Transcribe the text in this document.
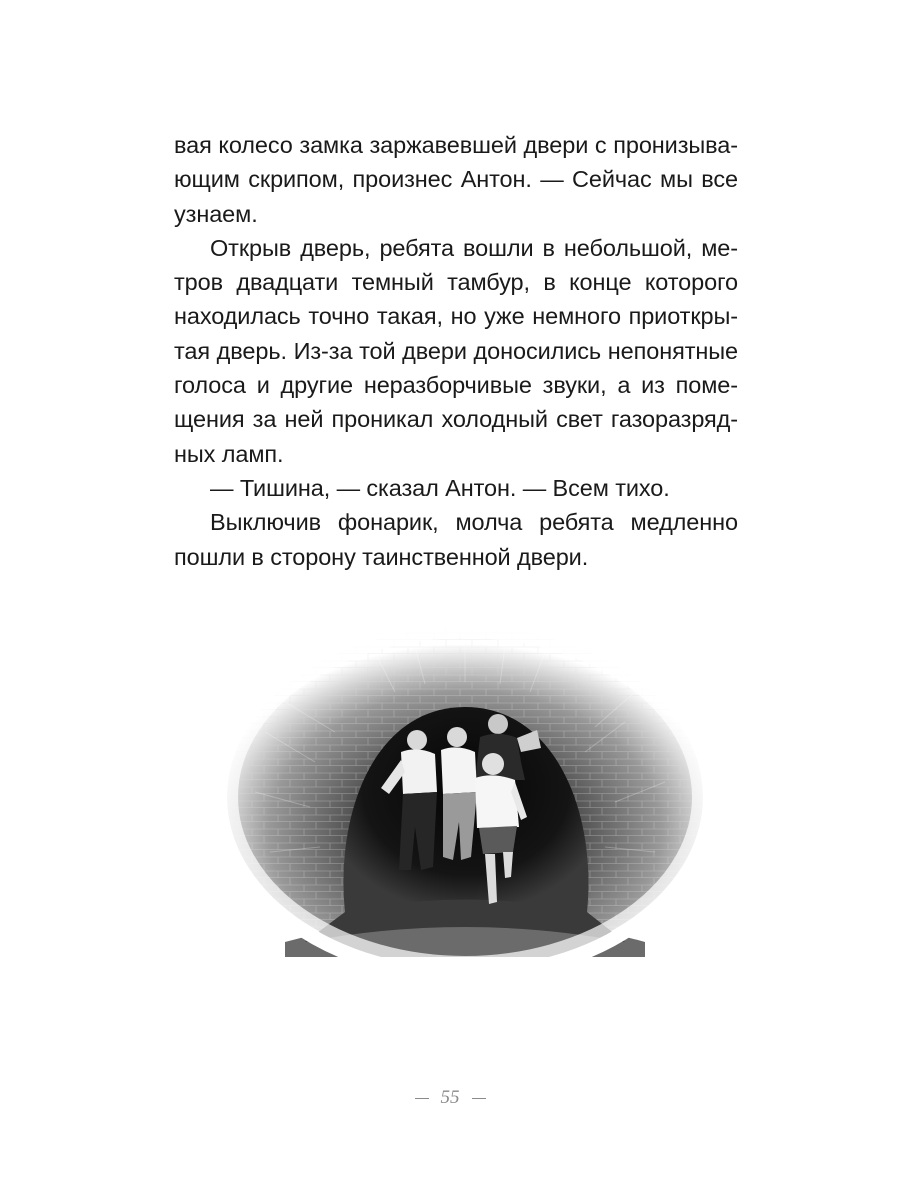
вая колесо замка заржавевшей двери с пронизыва-
ющим скрипом, произнес Антон. — Сейчас мы все
узнаем.
Открыв дверь, ребята вошли в небольшой, ме-
тров двадцати темный тамбур, в конце которого
находилась точно такая, но уже немного приоткры-
тая дверь. Из-за той двери доносились непонятные
голоса и другие неразборчивые звуки, а из поме-
щения за ней проникал холодный свет газоразряд-
ных ламп.
— Тишина, — сказал Антон. — Всем тихо.
Выключив фонарик, молча ребята медленно
пошли в сторону таинственной двери.
55
